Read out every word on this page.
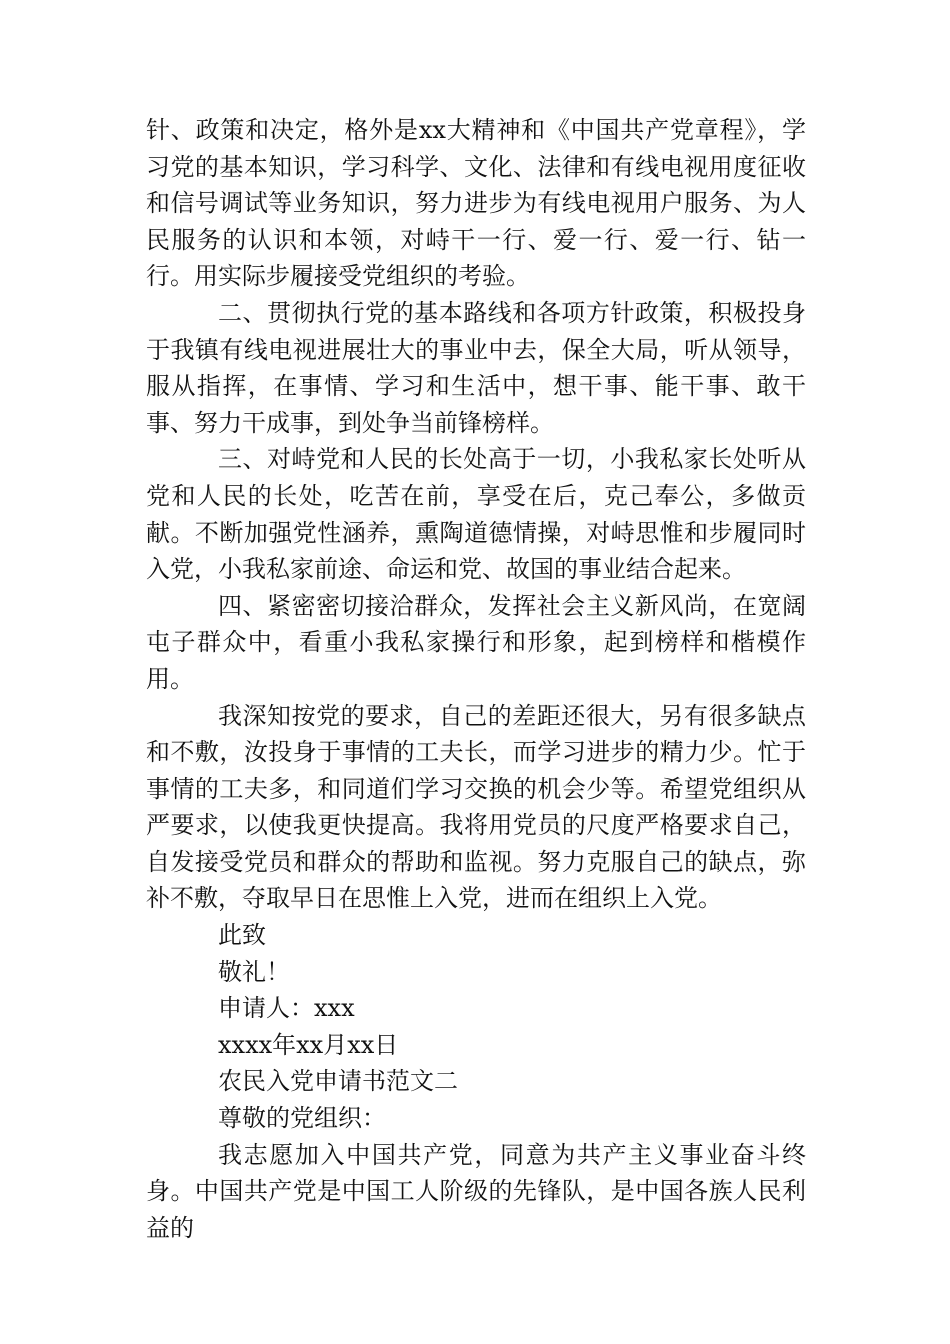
针、政策和决定，格外是xx大精神和《中国共产党章程》，学习党的基本知识，学习科学、文化、法律和有线电视用度征收和信号调试等业务知识，努力进步为有线电视用户服务、为人民服务的认识和本领，对峙干一行、爱一行、爱一行、钻一行。用实际步履接受党组织的考验。

二、贯彻执行党的基本路线和各项方针政策，积极投身于我镇有线电视进展壮大的事业中去，保全大局，听从领导，服从指挥，在事情、学习和生活中，想干事、能干事、敢干事、努力干成事，到处争当前锋榜样。

三、对峙党和人民的长处高于一切，小我私家长处听从党和人民的长处，吃苦在前，享受在后，克己奉公，多做贡献。不断加强党性涵养，熏陶道德情操，对峙思惟和步履同时入党，小我私家前途、命运和党、故国的事业结合起来。

四、紧密密切接洽群众，发挥社会主义新风尚，在宽阔屯子群众中，看重小我私家操行和形象，起到榜样和楷模作用。

我深知按党的要求，自己的差距还很大，另有很多缺点和不敷，汝投身于事情的工夫长，而学习进步的精力少。忙于事情的工夫多，和同道们学习交换的机会少等。希望党组织从严要求，以使我更快提高。我将用党员的尺度严格要求自己，自发接受党员和群众的帮助和监视。努力克服自己的缺点，弥补不敷，夺取早日在思惟上入党，进而在组织上入党。

此致

敬礼！

申请人：xxx

xxxx年xx月xx日

农民入党申请书范文二

尊敬的党组织：

我志愿加入中国共产党，同意为共产主义事业奋斗终身。中国共产党是中国工人阶级的先锋队，是中国各族人民利益的
